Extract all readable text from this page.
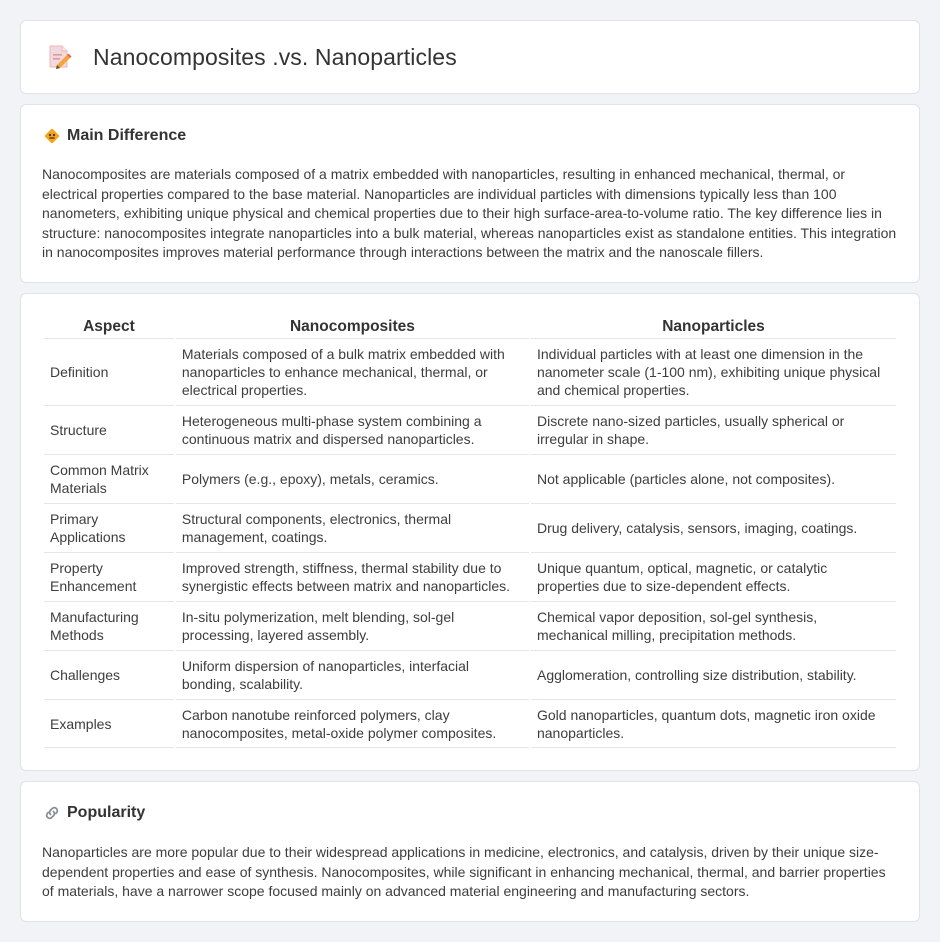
Nanocomposites .vs. Nanoparticles
Main Difference

Nanocomposites are materials composed of a matrix embedded with nanoparticles, resulting in enhanced mechanical, thermal, or electrical properties compared to the base material. Nanoparticles are individual particles with dimensions typically less than 100 nanometers, exhibiting unique physical and chemical properties due to their high surface-area-to-volume ratio. The key difference lies in structure: nanocomposites integrate nanoparticles into a bulk material, whereas nanoparticles exist as standalone entities. This integration in nanocomposites improves material performance through interactions between the matrix and the nanoscale fillers.

Aspect	Nanocomposites	Nanoparticles
Definition	Materials composed of a bulk matrix embedded with nanoparticles to enhance mechanical, thermal, or electrical properties.	Individual particles with at least one dimension in the nanometer scale (1-100 nm), exhibiting unique physical and chemical properties.
Structure	Heterogeneous multi-phase system combining a continuous matrix and dispersed nanoparticles.	Discrete nano-sized particles, usually spherical or irregular in shape.
Common Matrix Materials	Polymers (e.g., epoxy), metals, ceramics.	Not applicable (particles alone, not composites).
Primary Applications	Structural components, electronics, thermal management, coatings.	Drug delivery, catalysis, sensors, imaging, coatings.
Property Enhancement	Improved strength, stiffness, thermal stability due to synergistic effects between matrix and nanoparticles.	Unique quantum, optical, magnetic, or catalytic properties due to size-dependent effects.
Manufacturing Methods	In-situ polymerization, melt blending, sol-gel processing, layered assembly.	Chemical vapor deposition, sol-gel synthesis, mechanical milling, precipitation methods.
Challenges	Uniform dispersion of nanoparticles, interfacial bonding, scalability.	Agglomeration, controlling size distribution, stability.
Examples	Carbon nanotube reinforced polymers, clay nanocomposites, metal-oxide polymer composites.	Gold nanoparticles, quantum dots, magnetic iron oxide nanoparticles.
Popularity

Nanoparticles are more popular due to their widespread applications in medicine, electronics, and catalysis, driven by their unique size-dependent properties and ease of synthesis. Nanocomposites, while significant in enhancing mechanical, thermal, and barrier properties of materials, have a narrower scope focused mainly on advanced material engineering and manufacturing sectors.
